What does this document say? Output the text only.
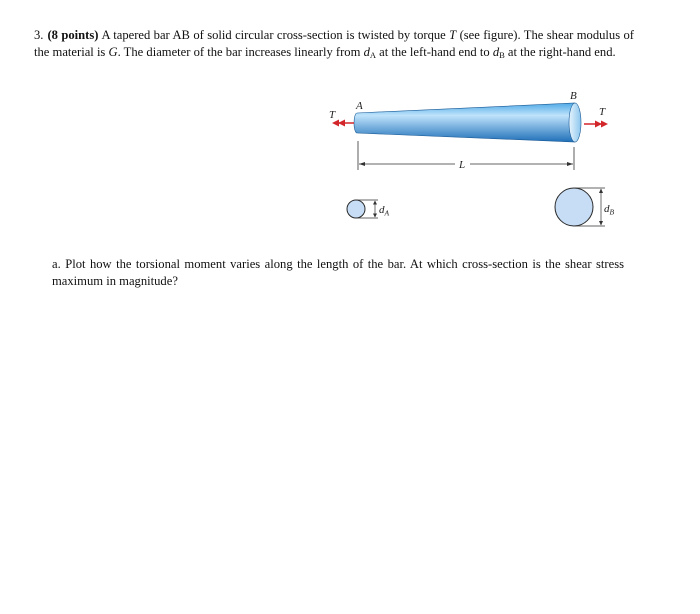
3. (8 points) A tapered bar AB of solid circular cross-section is twisted by torque T (see figure). The shear modulus of the material is G. The diameter of the bar increases linearly from $d_A$ at the left-hand end to $d_B$ at the right-hand end.
T
A
B
T
L
$d_A$	$d_B$
a. Plot how the torsional moment varies along the length of the bar. At which cross-section is the shear stress maximum in magnitude?
